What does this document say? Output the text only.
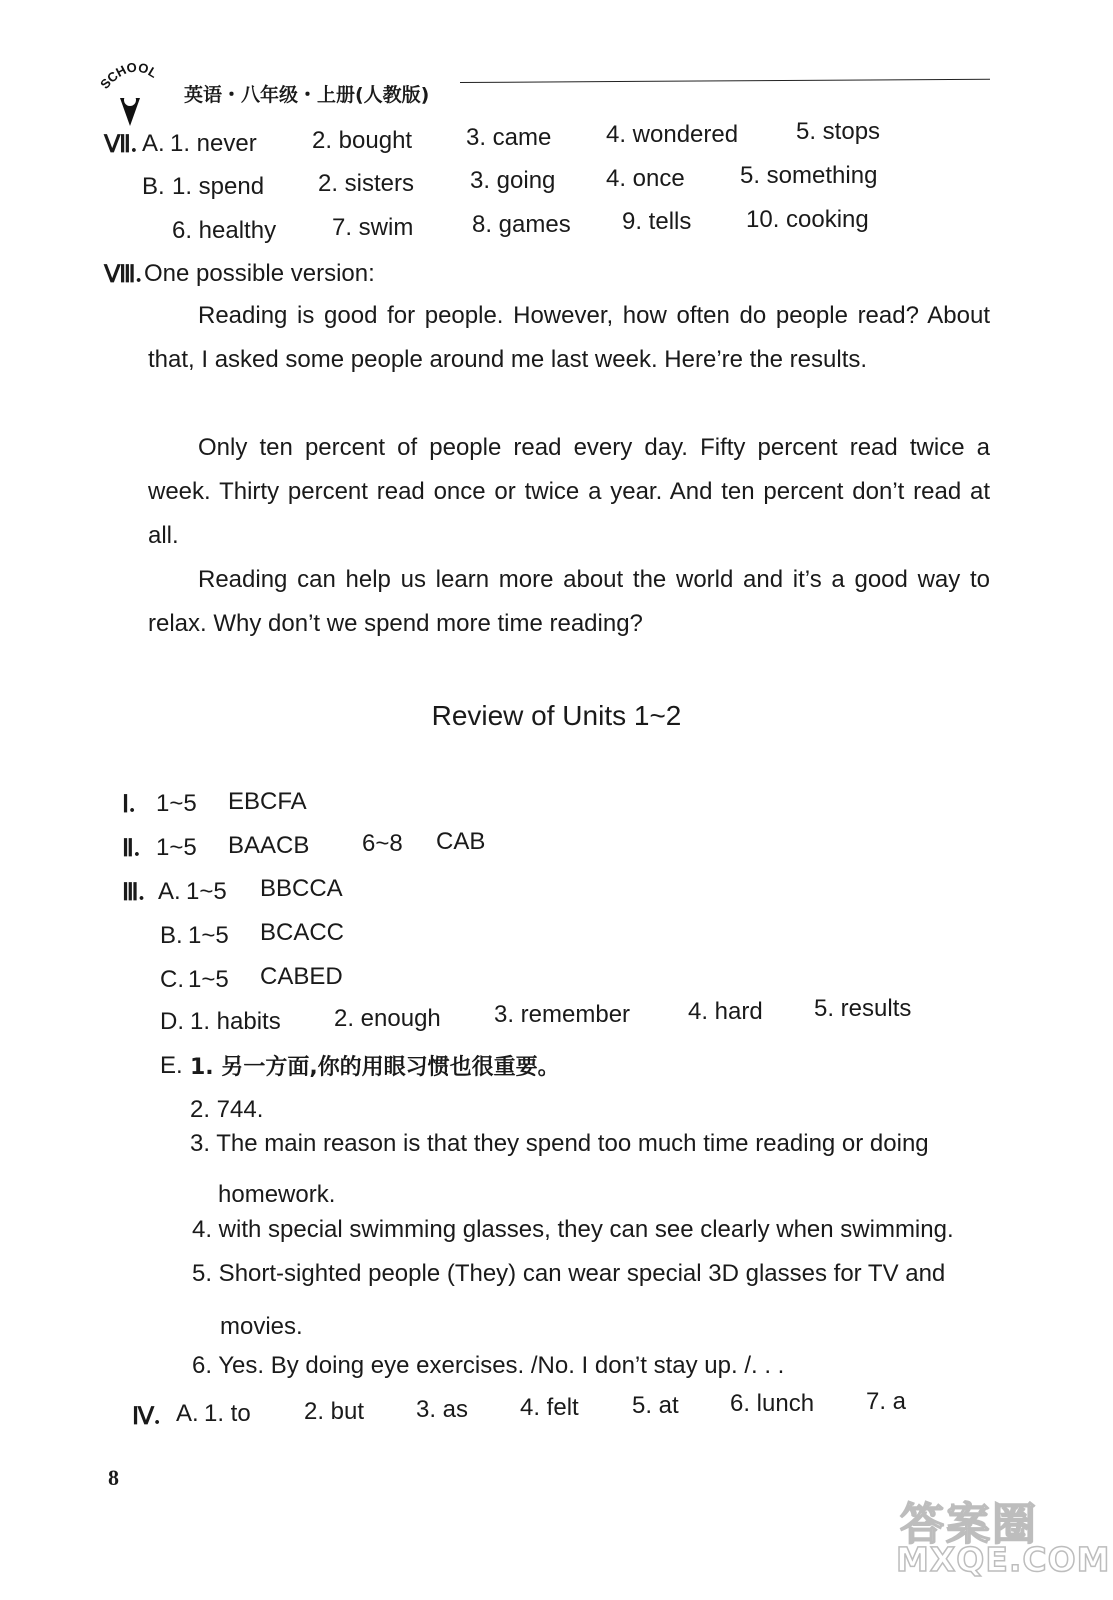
SCHOOL
英语・八年级・上册(人教版)
Ⅶ. A. 1. never 2. bought 3. came 4. wondered 5. stops
B. 1. spend 2. sisters 3. going 4. once 5. something
6. healthy 7. swim 8. games 9. tells 10. cooking
Ⅷ. One possible version:
Reading is good for people. However, how often do people read? About that, I asked some people around me last week. Here’re the results.
Only ten percent of people read every day. Fifty percent read twice a week. Thirty percent read once or twice a year. And ten percent don’t read at all.
Reading can help us learn more about the world and it’s a good way to relax. Why don’t we spend more time reading?
Review of Units 1~2
Ⅰ. 1~5 EBCFA
Ⅱ. 1~5 BAACB 6~8 CAB
Ⅲ. A. 1~5 BBCCA
B. 1~5 BCACC
C. 1~5 CABED
D. 1. habits 2. enough 3. remember 4. hard 5. results
E. 1. 另一方面,你的用眼习惯也很重要。
2. 744.
3. The main reason is that they spend too much time reading or doing
homework.
4. with special swimming glasses, they can see clearly when swimming.
5. Short-sighted people (They) can wear special 3D glasses for TV and
movies.
6. Yes. By doing eye exercises. /No. I don’t stay up. /. . .
Ⅳ. A. 1. to 2. but 3. as 4. felt 5. at 6. lunch 7. a
8
答案圈
MXQE.COM
